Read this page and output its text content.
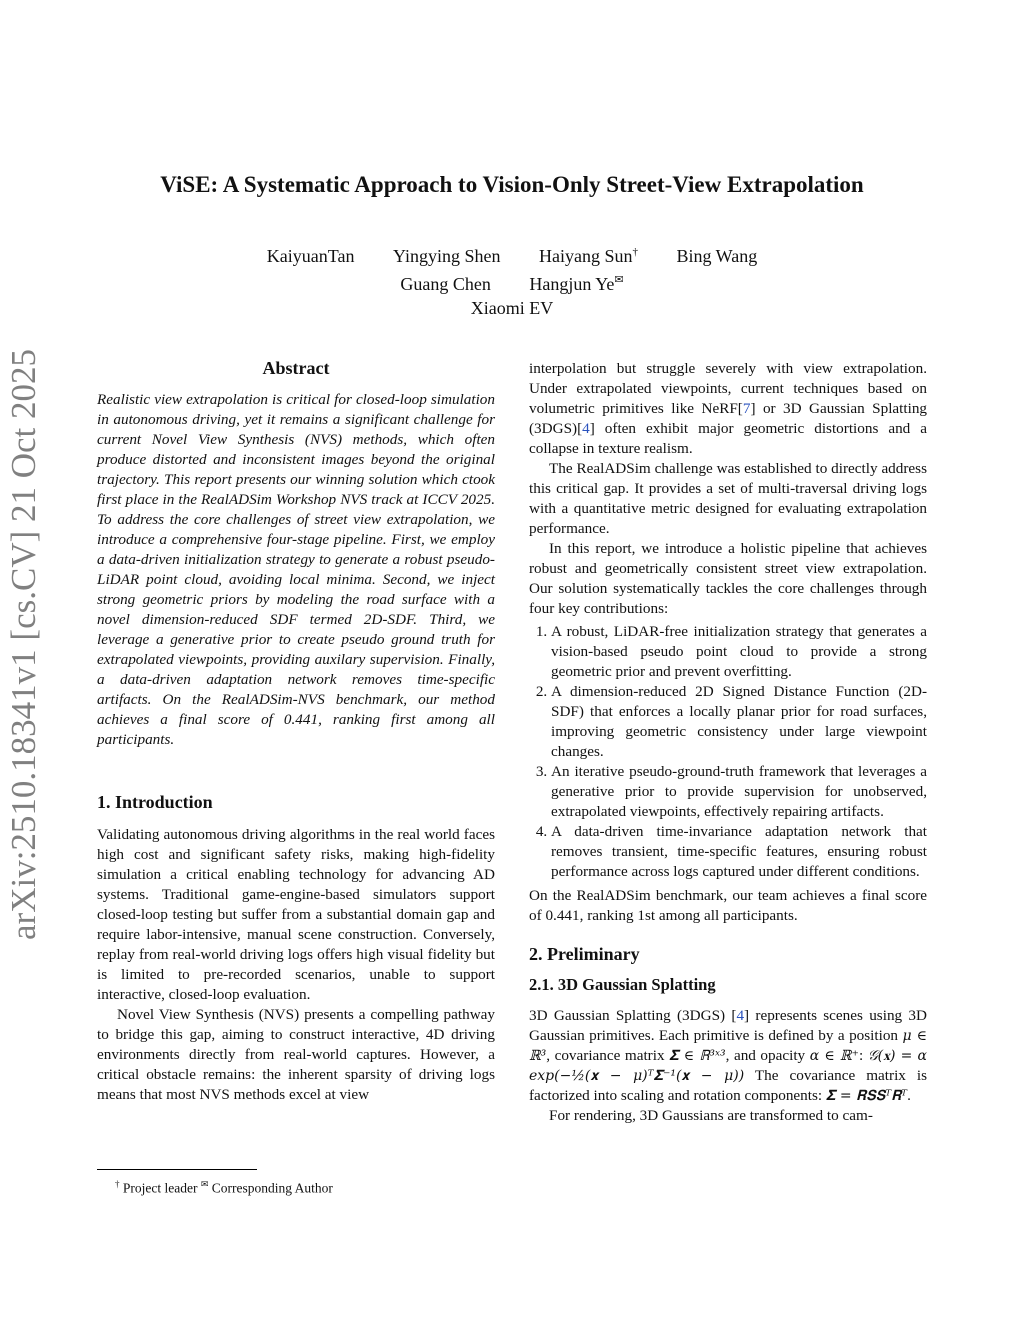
arXiv:2510.18341v1 [cs.CV] 21 Oct 2025
ViSE: A Systematic Approach to Vision-Only Street-View Extrapolation
KaiyuanTan Yingying Shen Haiyang Sun† Bing Wang
Guang Chen Hangjun Ye✉
Xiaomi EV
Abstract

Realistic view extrapolation is critical for closed-loop simulation in autonomous driving, yet it remains a significant challenge for current Novel View Synthesis (NVS) methods, which often produce distorted and inconsistent images beyond the original trajectory. This report presents our winning solution which ctook first place in the RealADSim Workshop NVS track at ICCV 2025. To address the core challenges of street view extrapolation, we introduce a comprehensive four-stage pipeline. First, we employ a data-driven initialization strategy to generate a robust pseudo-LiDAR point cloud, avoiding local minima. Second, we inject strong geometric priors by modeling the road surface with a novel dimension-reduced SDF termed 2D-SDF. Third, we leverage a generative prior to create pseudo ground truth for extrapolated viewpoints, providing auxilary supervision. Finally, a data-driven adaptation network removes time-specific artifacts. On the RealADSim-NVS benchmark, our method achieves a final score of 0.441, ranking first among all participants.

1. Introduction

Validating autonomous driving algorithms in the real world faces high cost and significant safety risks, making high-fidelity simulation a critical enabling technology for advancing AD systems. Traditional game-engine-based simulators support closed-loop testing but suffer from a substantial domain gap and require labor-intensive, manual scene construction. Conversely, replay from real-world driving logs offers high visual fidelity but is limited to pre-recorded scenarios, unable to support interactive, closed-loop evaluation.

Novel View Synthesis (NVS) presents a compelling pathway to bridge this gap, aiming to construct interactive, 4D driving environments directly from real-world captures. However, a critical obstacle remains: the inherent sparsity of driving logs means that most NVS methods excel at view

interpolation but struggle severely with view extrapolation. Under extrapolated viewpoints, current techniques based on volumetric primitives like NeRF[7] or 3D Gaussian Splatting (3DGS)[4] often exhibit major geometric distortions and a collapse in texture realism.

The RealADSim challenge was established to directly address this critical gap. It provides a set of multi-traversal driving logs with a quantitative metric designed for evaluating extrapolation performance.

In this report, we introduce a holistic pipeline that achieves robust and geometrically consistent street view extrapolation. Our solution systematically tackles the core challenges through four key contributions:

1. A robust, LiDAR-free initialization strategy that generates a vision-based pseudo point cloud to provide a strong geometric prior and prevent overfitting.
2. A dimension-reduced 2D Signed Distance Function (2D-SDF) that enforces a locally planar prior for road surfaces, improving geometric consistency under large viewpoint changes.
3. An iterative pseudo-ground-truth framework that leverages a generative prior to provide supervision for unobserved, extrapolated viewpoints, effectively repairing artifacts.
4. A data-driven time-invariance adaptation network that removes transient, time-specific features, ensuring robust performance across logs captured under different conditions.

On the RealADSim benchmark, our team achieves a final score of 0.441, ranking 1st among all participants.

2. Preliminary
2.1. 3D Gaussian Splatting

3D Gaussian Splatting (3DGS) [4] represents scenes using 3D Gaussian primitives. Each primitive is defined by a position μ ∈ ℝ³, covariance matrix 𝚺 ∈ ℝ³ˣ³, and opacity α ∈ ℝ⁺: 𝒢(𝐱) = α exp(−½(𝐱 − μ)ᵀ𝚺⁻¹(𝐱 − μ)) The covariance matrix is factorized into scaling and rotation components: 𝚺 = 𝐑𝐒𝐒ᵀ𝐑ᵀ.

For rendering, 3D Gaussians are transformed to cam-

† Project leader ✉ Corresponding Author
